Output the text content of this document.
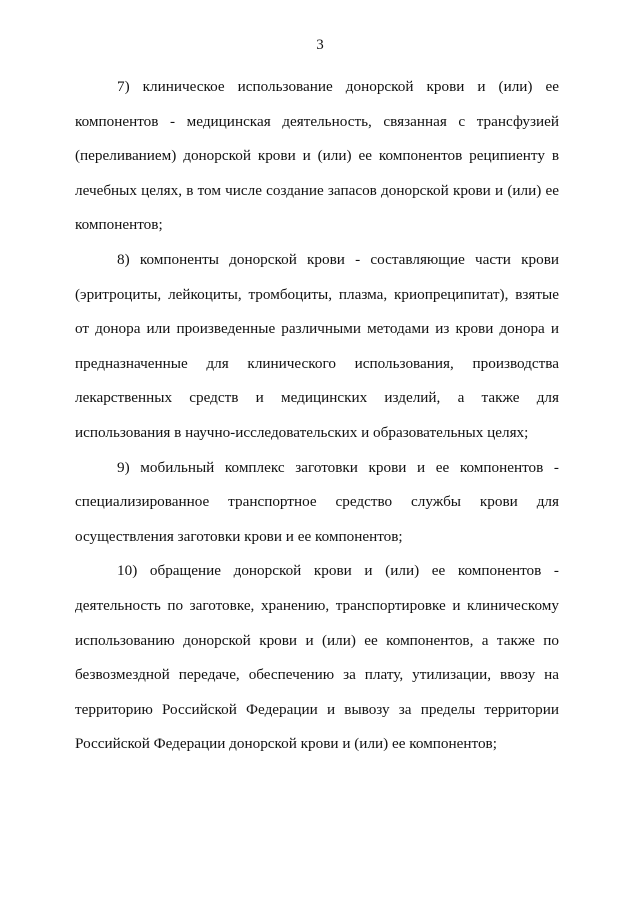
3

7) клиническое использование донорской крови и (или) ее компонентов - медицинская деятельность, связанная с трансфузией (переливанием) донорской крови и (или) ее компонентов реципиенту в лечебных целях, в том числе создание запасов донорской крови и (или) ее компонентов;

8) компоненты донорской крови - составляющие части крови (эритроциты, лейкоциты, тромбоциты, плазма, криопреципитат), взятые от донора или произведенные различными методами из крови донора и предназначенные для клинического использования, производства лекарственных средств и медицинских изделий, а также для использования в научно-исследовательских и образовательных целях;

9) мобильный комплекс заготовки крови и ее компонентов - специализированное транспортное средство службы крови для осуществления заготовки крови и ее компонентов;

10) обращение донорской крови и (или) ее компонентов - деятельность по заготовке, хранению, транспортировке и клиническому использованию донорской крови и (или) ее компонентов, а также по безвозмездной передаче, обеспечению за плату, утилизации, ввозу на территорию Российской Федерации и вывозу за пределы территории Российской Федерации донорской крови и (или) ее компонентов;
